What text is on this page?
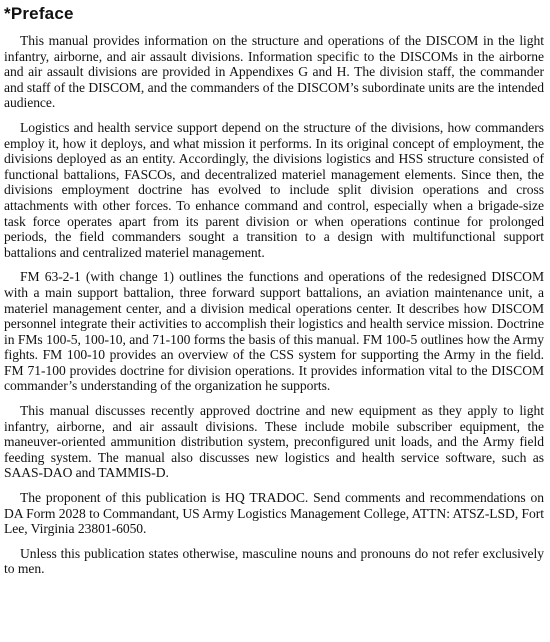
*Preface

This manual provides information on the structure and operations of the DISCOM in the light infantry, airborne, and air assault divisions. Information specific to the DISCOMs in the airborne and air assault divisions are provided in Appendixes G and H. The division staff, the commander and staff of the DISCOM, and the commanders of the DISCOM’s subordinate units are the intended audience.

Logistics and health service support depend on the structure of the divisions, how commanders employ it, how it deploys, and what mission it performs. In its original concept of employment, the divisions deployed as an entity. Accordingly, the divisions logistics and HSS structure consisted of functional battalions, FASCOs, and decentralized materiel management elements. Since then, the divisions employment doctrine has evolved to include split division operations and cross attachments with other forces. To enhance command and control, especially when a brigade-size task force operates apart from its parent division or when operations continue for prolonged periods, the field commanders sought a transition to a design with multifunctional support battalions and centralized materiel management.

FM 63-2-1 (with change 1) outlines the functions and operations of the redesigned DISCOM with a main support battalion, three forward support battalions, an aviation maintenance unit, a materiel management center, and a division medical operations center. It describes how DISCOM personnel integrate their activities to accomplish their logistics and health service mission. Doctrine in FMs 100-5, 100-10, and 71-100 forms the basis of this manual. FM 100-5 outlines how the Army fights. FM 100-10 provides an overview of the CSS system for supporting the Army in the field. FM 71-100 provides doctrine for division operations. It provides information vital to the DISCOM commander’s understanding of the organization he supports.

This manual discusses recently approved doctrine and new equipment as they apply to light infantry, airborne, and air assault divisions. These include mobile subscriber equipment, the maneuver-oriented ammunition distribution system, preconfigured unit loads, and the Army field feeding system. The manual also discusses new logistics and health service software, such as SAAS-DAO and TAMMIS-D.

The proponent of this publication is HQ TRADOC. Send comments and recommendations on DA Form 2028 to Commandant, US Army Logistics Management College, ATTN: ATSZ-LSD, Fort Lee, Virginia 23801-6050.

Unless this publication states otherwise, masculine nouns and pronouns do not refer exclusively to men.
